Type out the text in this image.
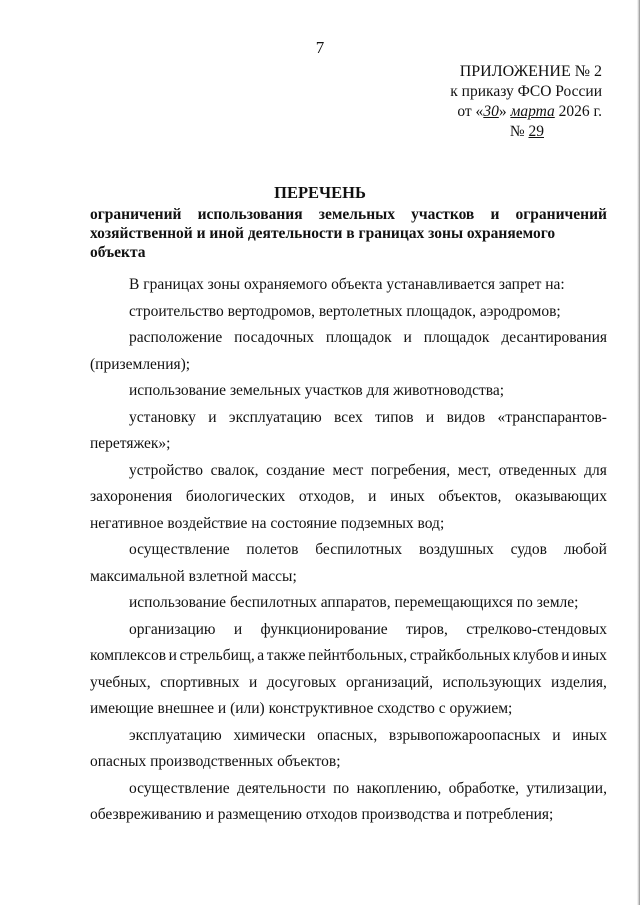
7
ПРИЛОЖЕНИЕ № 2
к приказу ФСО России
от «30» марта 2026 г.
№ 29
ПЕРЕЧЕНЬ
ограничений использования земельных участков и ограничений
хозяйственной и иной деятельности в границах зоны охраняемого объекта
В границах зоны охраняемого объекта устанавливается запрет на:
строительство вертодромов, вертолетных площадок, аэродромов;
расположение посадочных площадок и площадок десантирования
(приземления);
использование земельных участков для животноводства;
установку и эксплуатацию всех типов и видов «транспарантов-
перетяжек»;
устройство свалок, создание мест погребения, мест, отведенных для
захоронения биологических отходов, и иных объектов, оказывающих
негативное воздействие на состояние подземных вод;
осуществление полетов беспилотных воздушных судов любой
максимальной взлетной массы;
использование беспилотных аппаратов, перемещающихся по земле;
организацию и функционирование тиров, стрелково-стендовых
комплексов и стрельбищ, а также пейнтбольных, страйкбольных клубов и иных
учебных, спортивных и досуговых организаций, использующих изделия,
имеющие внешнее и (или) конструктивное сходство с оружием;
эксплуатацию химически опасных, взрывопожароопасных и иных
опасных производственных объектов;
осуществление деятельности по накоплению, обработке, утилизации,
обезвреживанию и размещению отходов производства и потребления;
